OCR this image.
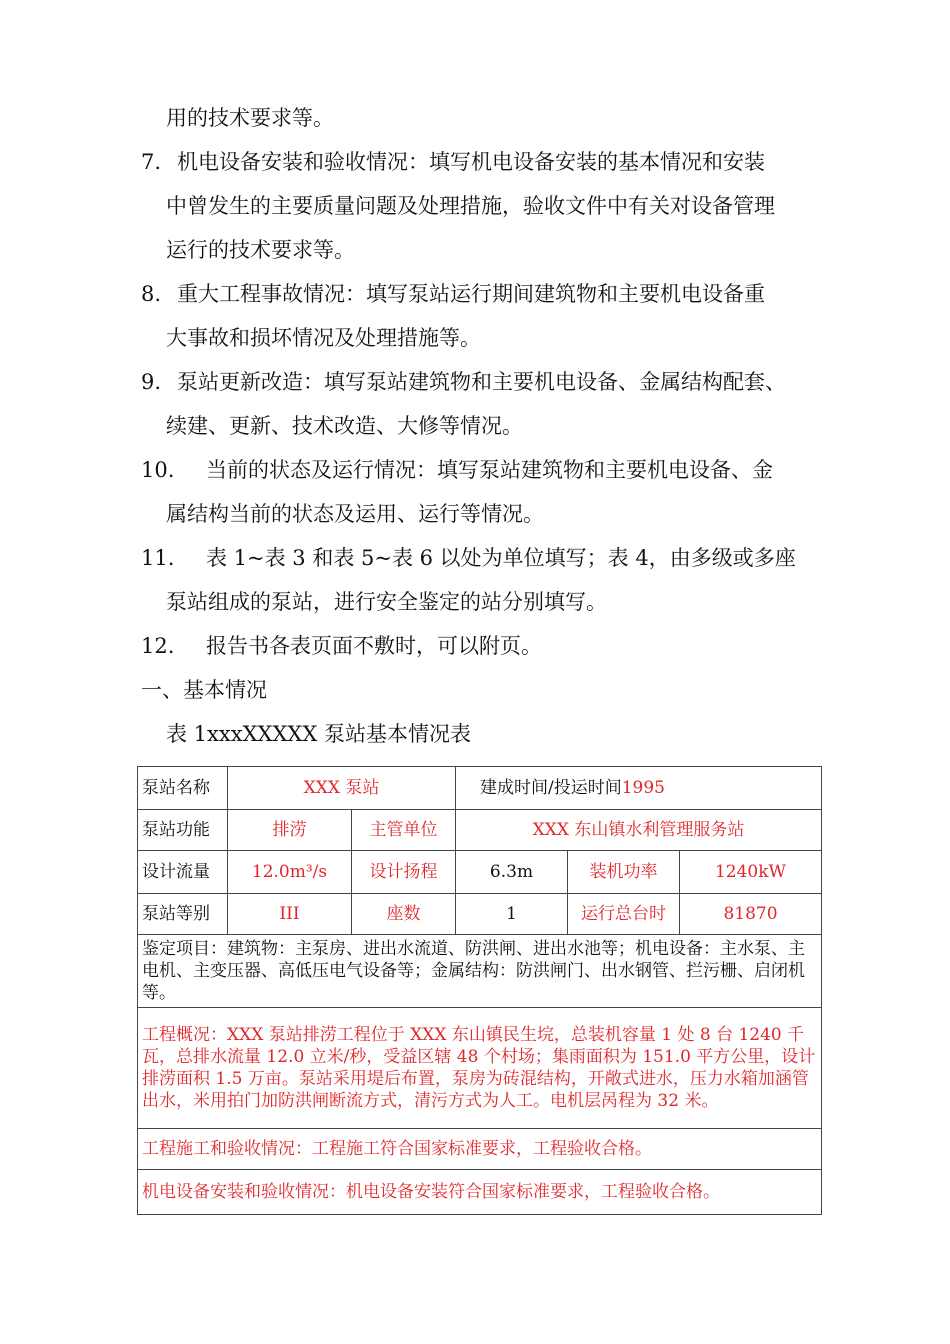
用的技术要求等。
7. 机电设备安装和验收情况：填写机电设备安装的基本情况和安装
中曾发生的主要质量问题及处理措施，验收文件中有关对设备管理
运行的技术要求等。
8. 重大工程事故情况：填写泵站运行期间建筑物和主要机电设备重
大事故和损坏情况及处理措施等。
9. 泵站更新改造：填写泵站建筑物和主要机电设备、金属结构配套、
续建、更新、技术改造、大修等情况。
10. 当前的状态及运行情况：填写泵站建筑物和主要机电设备、金
属结构当前的状态及运用、运行等情况。
11. 表 1~表 3 和表 5~表 6 以处为单位填写；表 4，由多级或多座
泵站组成的泵站，进行安全鉴定的站分别填写。
12. 报告书各表页面不敷时，可以附页。
一、基本情况
表 1xxxXXXXX 泵站基本情况表
泵站名称	XXX 泵站		建成时间/投运时间1995		
泵站功能	排涝	主管单位	XXX 东山镇水利管理服务站		
设计流量	12.0m³/s	设计扬程	6.3m	装机功率	1240kW
泵站等别	III	座数	1	运行总台时	81870
鉴定项目：建筑物：主泵房、进出水流道、防洪闸、进出水池等；机电设备：主水泵、主电机、主变压器、高低压电气设备等；金属结构：防洪闸门、出水钢管、拦污栅、启闭机等。					
工程概况：XXX 泵站排涝工程位于 XXX 东山镇民生垸，总装机容量 1 处 8 台 1240 千瓦，总排水流量 12.0 立米/秒，受益区辖 48 个村场；集雨面积为 151.0 平方公里，设计排涝面积 1.5 万亩。泵站采用堤后布置，泵房为砖混结构，开敞式进水，压力水箱加涵管出水，米用拍门加防洪闸断流方式，清污方式为人工。电机层呙程为 32 米。					
工程施工和验收情况：工程施工符合国家标准要求，工程验收合格。					
机电设备安装和验收情况：机电设备安装符合国家标准要求，工程验收合格。					
